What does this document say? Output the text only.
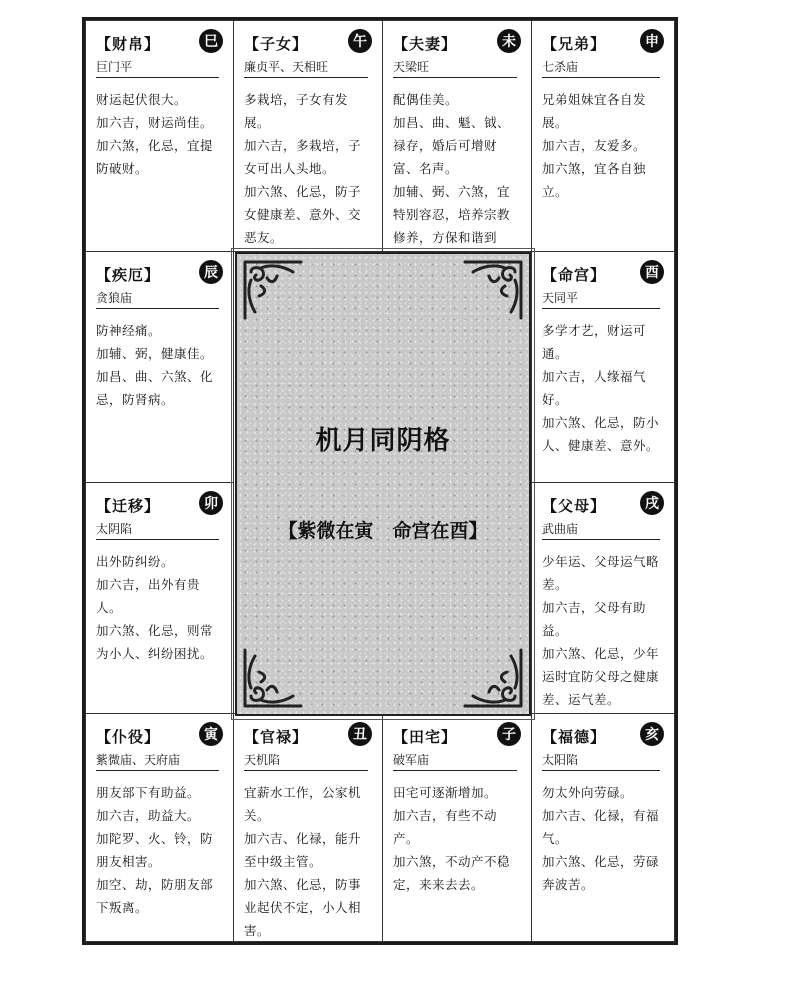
【财帛】	巳
巨门平

财运起伏很大。

加六吉，财运尚佳。

加六煞，化忌，宜提防破财。

【子女】	午
廉贞平、天相旺

多栽培，子女有发展。

加六吉，多栽培，子女可出人头地。

加六煞、化忌，防子女健康差、意外、交恶友。

【夫妻】	未
天梁旺

配偶佳美。

加昌、曲、魁、钺、禄存，婚后可增财富、名声。

加辅、弼、六煞，宜特别容忍，培养宗教修养，方保和谐到

【兄弟】	申
七杀庙

兄弟姐妹宜各自发展。

加六吉，友爱多。

加六煞，宜各自独立。

【疾厄】	辰
贪狼庙

防神经痛。

加辅、弼，健康佳。

加昌、曲、六煞、化忌，防肾病。

【迁移】	卯
太阴陷

出外防纠纷。

加六吉，出外有贵人。

加六煞、化忌，则常为小人、纠纷困扰。

【命宫】	酉
天同平

多学才艺，财运可通。

加六吉，人缘福气好。

加六煞、化忌，防小人、健康差、意外。

【父母】	戌
武曲庙

少年运、父母运气略差。

加六吉，父母有助益。

加六煞、化忌，少年运时宜防父母之健康差、运气差。

【仆役】	寅
紫微庙、天府庙

朋友部下有助益。

加六吉，助益大。

加陀罗、火、铃，防朋友相害。

加空、劫，防朋友部下叛离。

【官禄】	丑
天机陷

宜薪水工作，公家机关。

加六吉、化禄，能升至中级主管。

加六煞、化忌，防事业起伏不定，小人相害。

【田宅】	子
破军庙

田宅可逐渐增加。

加六吉，有些不动产。

加六煞，不动产不稳定，来来去去。

【福德】	亥
太阳陷

勿太外向劳碌。

加六吉、化禄，有福气。

加六煞、化忌，劳碌奔波苦。

机月同阴格
【紫微在寅　命宫在酉】
